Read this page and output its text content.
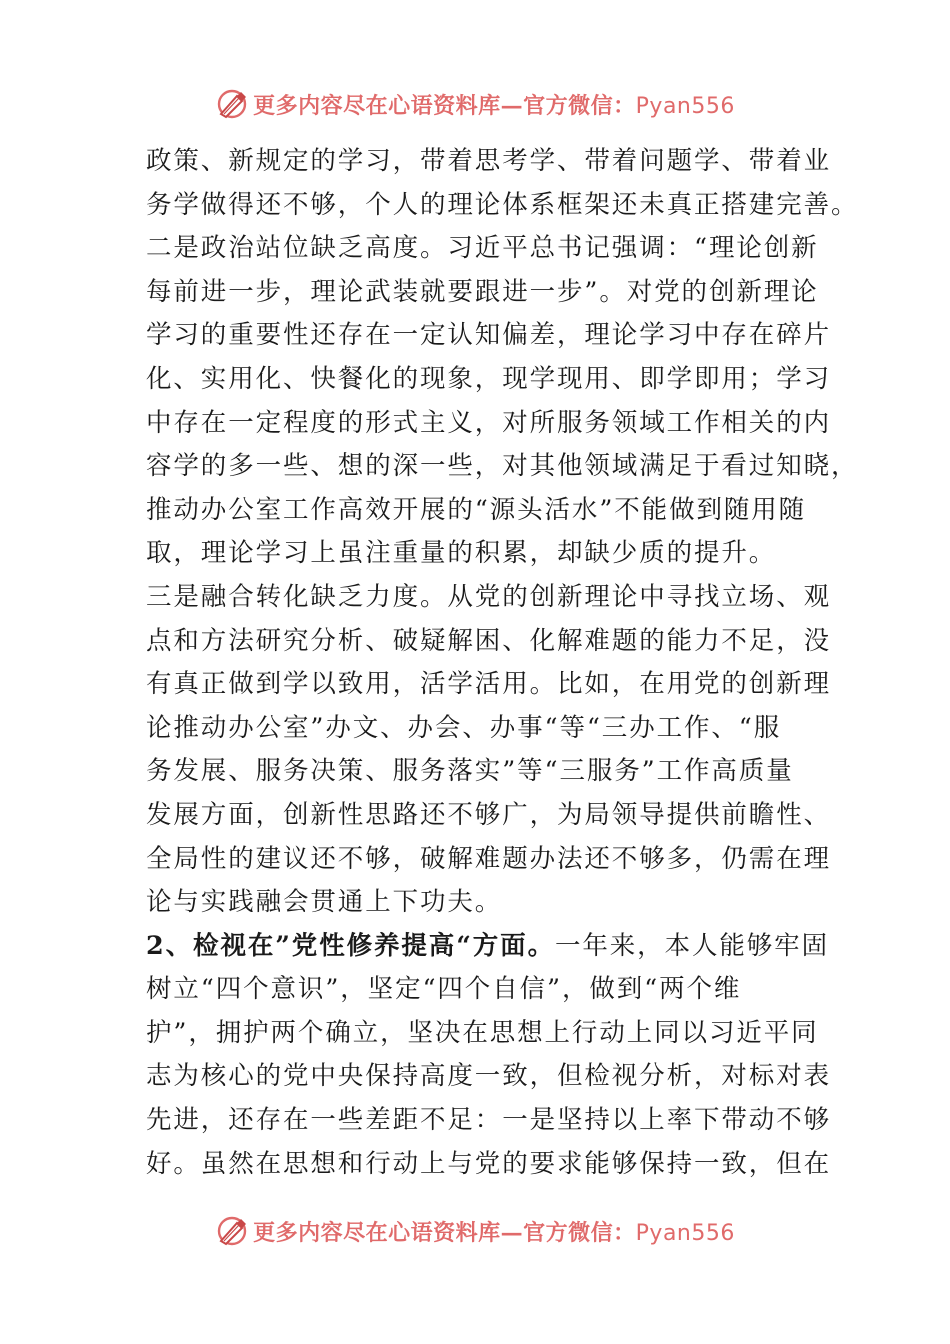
更多内容尽在心语资料库—官方微信：Pyan556
政策、新规定的学习，带着思考学、带着问题学、带着业
务学做得还不够，个人的理论体系框架还未真正搭建完善。
二是政治站位缺乏高度。习近平总书记强调：“理论创新
每前进一步，理论武装就要跟进一步”。对党的创新理论
学习的重要性还存在一定认知偏差，理论学习中存在碎片
化、实用化、快餐化的现象，现学现用、即学即用；学习
中存在一定程度的形式主义，对所服务领域工作相关的内
容学的多一些、想的深一些，对其他领域满足于看过知晓，
推动办公室工作高效开展的“源头活水”不能做到随用随
取，理论学习上虽注重量的积累，却缺少质的提升。
三是融合转化缺乏力度。从党的创新理论中寻找立场、观
点和方法研究分析、破疑解困、化解难题的能力不足，没
有真正做到学以致用，活学活用。比如，在用党的创新理
论推动办公室”办文、办会、办事“等“三办工作、“服
务发展、服务决策、服务落实”等“三服务”工作高质量
发展方面，创新性思路还不够广，为局领导提供前瞻性、
全局性的建议还不够，破解难题办法还不够多，仍需在理
论与实践融会贯通上下功夫。
2、检视在”党性修养提高“方面。一年来，本人能够牢固
树立“四个意识”，坚定“四个自信”，做到“两个维
护”，拥护两个确立，坚决在思想上行动上同以习近平同
志为核心的党中央保持高度一致，但检视分析，对标对表
先进，还存在一些差距不足：一是坚持以上率下带动不够
好。虽然在思想和行动上与党的要求能够保持一致，但在
更多内容尽在心语资料库—官方微信：Pyan556
